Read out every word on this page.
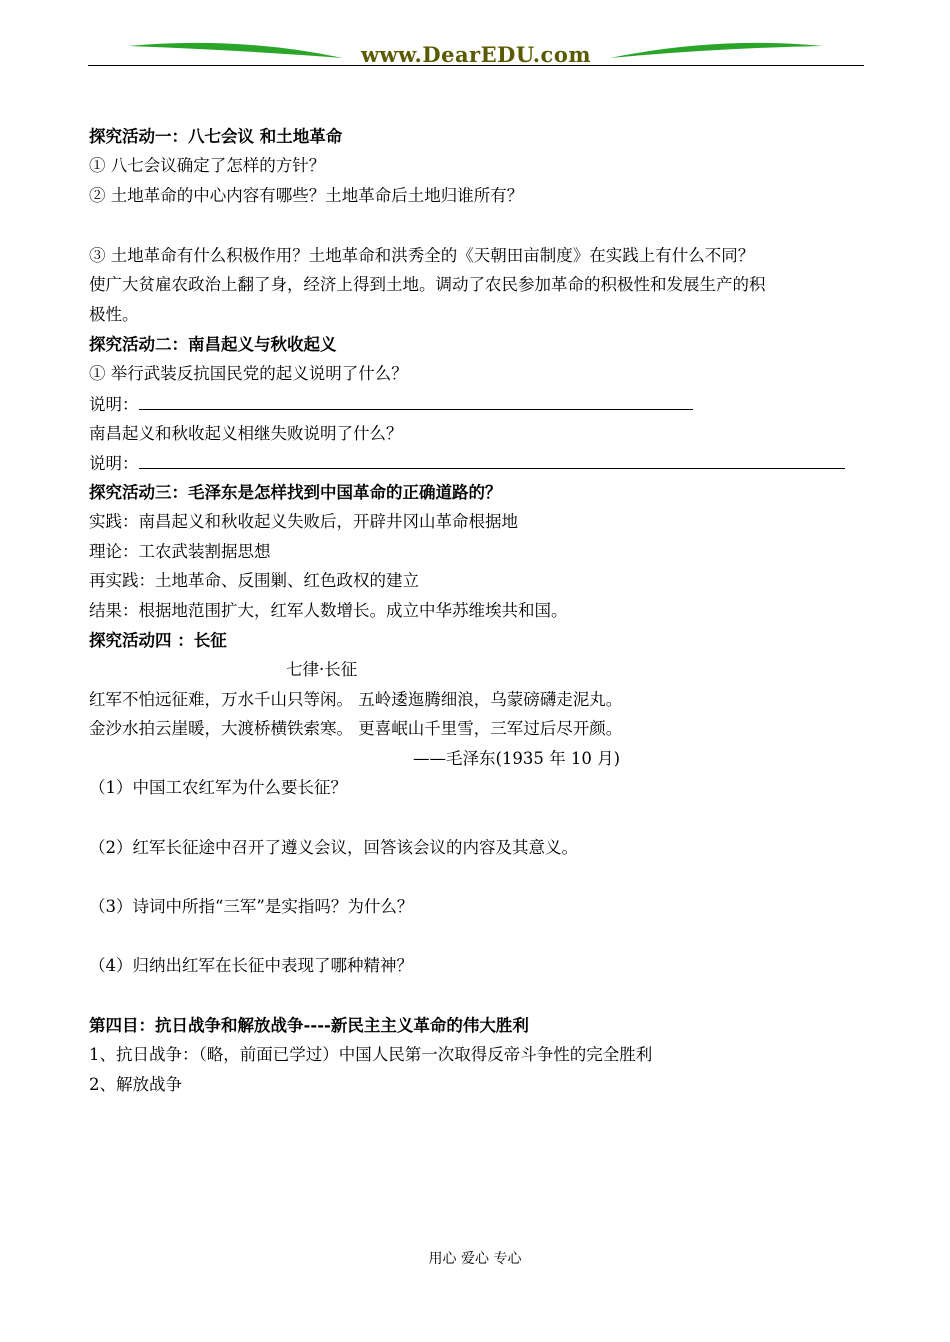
www.DearEDU.com
探究活动一：八七会议 和土地革命
① 八七会议确定了怎样的方针？
② 土地革命的中心内容有哪些？土地革命后土地归谁所有？
③ 土地革命有什么积极作用？土地革命和洪秀全的《天朝田亩制度》在实践上有什么不同？
使广大贫雇农政治上翻了身，经济上得到土地。调动了农民参加革命的积极性和发展生产的积
极性。
探究活动二：南昌起义与秋收起义
① 举行武装反抗国民党的起义说明了什么？
说明：
南昌起义和秋收起义相继失败说明了什么？
说明：
探究活动三：毛泽东是怎样找到中国革命的正确道路的？
实践：南昌起义和秋收起义失败后，开辟井冈山革命根据地
理论：工农武装割据思想
再实践：土地革命、反围剿、红色政权的建立
结果：根据地范围扩大，红军人数增长。成立中华苏维埃共和国。
探究活动四 ：长征
七律·长征
红军不怕远征难，万水千山只等闲。 五岭逶迤腾细浪，乌蒙磅礴走泥丸。
金沙水拍云崖暖，大渡桥横铁索寒。 更喜岷山千里雪，三军过后尽开颜。
——毛泽东(1935 年 10 月)
（1）中国工农红军为什么要长征？
（2）红军长征途中召开了遵义会议，回答该会议的内容及其意义。
（3）诗词中所指“三军”是实指吗？为什么？
（4）归纳出红军在长征中表现了哪种精神？
第四目：抗日战争和解放战争----新民主主义革命的伟大胜利
1、抗日战争：（略，前面已学过）中国人民第一次取得反帝斗争性的完全胜利
2、解放战争
用心 爱心 专心
